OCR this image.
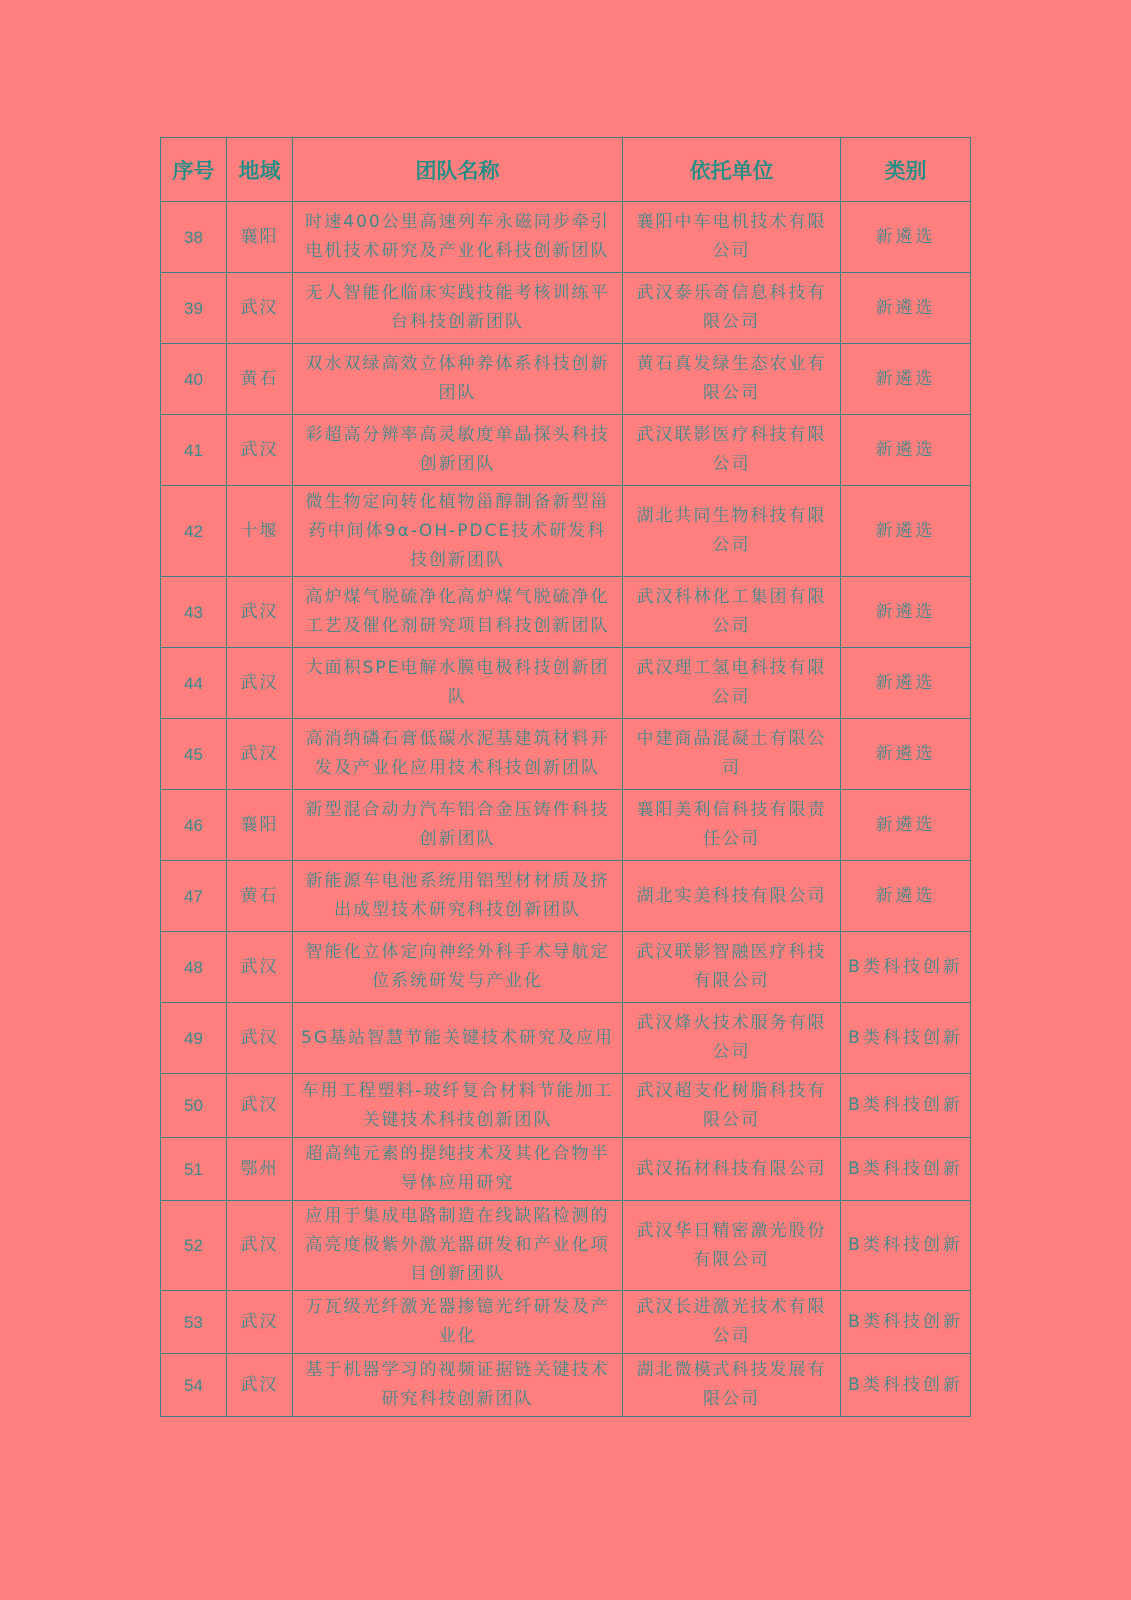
序号	地域	团队名称	依托单位	类别
38	襄阳	时速400公里高速列车永磁同步牵引电机技术研究及产业化科技创新团队	襄阳中车电机技术有限公司	新遴选
39	武汉	无人智能化临床实践技能考核训练平台科技创新团队	武汉泰乐奇信息科技有限公司	新遴选
40	黄石	双水双绿高效立体种养体系科技创新团队	黄石真发绿生态农业有限公司	新遴选
41	武汉	彩超高分辨率高灵敏度单晶探头科技创新团队	武汉联影医疗科技有限公司	新遴选
42	十堰	微生物定向转化植物甾醇制备新型甾药中间体9α-OH-PDCE技术研发科技创新团队	湖北共同生物科技有限公司	新遴选
43	武汉	高炉煤气脱硫净化高炉煤气脱硫净化工艺及催化剂研究项目科技创新团队	武汉科林化工集团有限公司	新遴选
44	武汉	大面积SPE电解水膜电极科技创新团队	武汉理工氢电科技有限公司	新遴选
45	武汉	高消纳磷石膏低碳水泥基建筑材料开发及产业化应用技术科技创新团队	中建商品混凝土有限公司	新遴选
46	襄阳	新型混合动力汽车铝合金压铸件科技创新团队	襄阳美利信科技有限责任公司	新遴选
47	黄石	新能源车电池系统用铝型材材质及挤出成型技术研究科技创新团队	湖北实美科技有限公司	新遴选
48	武汉	智能化立体定向神经外科手术导航定位系统研发与产业化	武汉联影智融医疗科技有限公司	B类科技创新
49	武汉	5G基站智慧节能关键技术研究及应用	武汉烽火技术服务有限公司	B类科技创新
50	武汉	车用工程塑料-玻纤复合材料节能加工关键技术科技创新团队	武汉超支化树脂科技有限公司	B类科技创新
51	鄂州	超高纯元素的提纯技术及其化合物半导体应用研究	武汉拓材科技有限公司	B类科技创新
52	武汉	应用于集成电路制造在线缺陷检测的高亮度极紫外激光器研发和产业化项目创新团队	武汉华日精密激光股份有限公司	B类科技创新
53	武汉	万瓦级光纤激光器掺镱光纤研发及产业化	武汉长进激光技术有限公司	B类科技创新
54	武汉	基于机器学习的视频证据链关键技术研究科技创新团队	湖北微模式科技发展有限公司	B类科技创新
